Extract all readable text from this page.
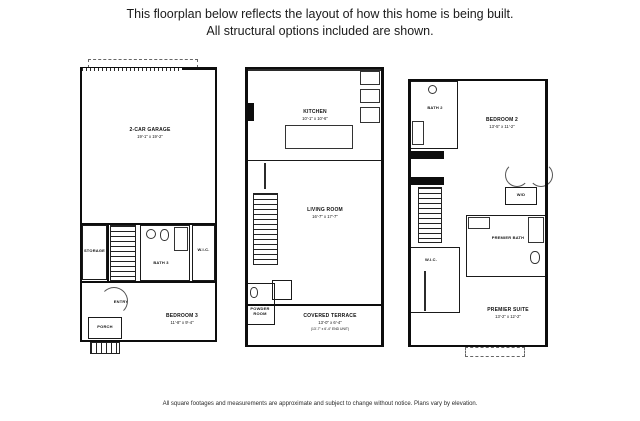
This floorplan below reflects the layout of how this home is being built.
All structural options included are shown.
2-CAR GARAGE
19'-1" x 19'-2"
STORAGE
BATH 3
W.I.C.
ENTRY
BEDROOM 3
11'-8" x 9'-4"
PORCH
KITCHEN
10'-1" x 10'-6"
LIVING ROOM
16'-7" x 17'-7"
POWDER ROOM	COVERED TERRACE
13'-0" x 6'-4"
(13'-7" x 6'-4" END UNIT)
BEDROOM 2
13'-5" x 11'-2"
BATH 2
W/D
PREMIER BATH
W.I.C.
PREMIER SUITE
13'-2" x 12'-2"
All square footages and measurements are approximate and subject to change without notice. Plans vary by elevation.
